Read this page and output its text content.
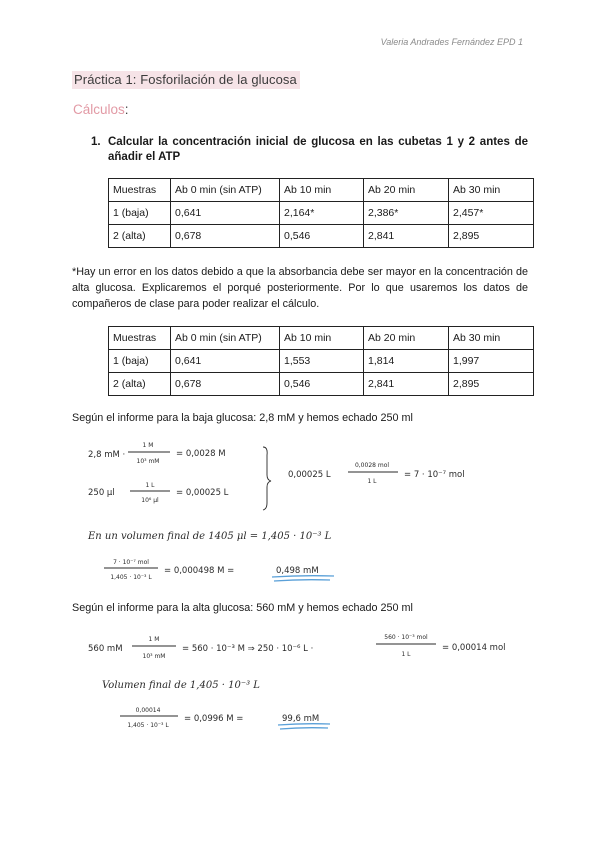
Valeria Andrades Fernández EPD 1
Práctica 1: Fosforilación de la glucosa
Cálculos:
1. Calcular la concentración inicial de glucosa en las cubetas 1 y 2 antes de añadir el ATP
Muestras	Ab 0 min (sin ATP)	Ab 10 min	Ab 20 min	Ab 30 min
1 (baja)	0,641	2,164*	2,386*	2,457*
2 (alta)	0,678	0,546	2,841	2,895
*Hay un error en los datos debido a que la absorbancia debe ser mayor en la concentración de alta glucosa. Explicaremos el porqué posteriormente. Por lo que usaremos los datos de compañeros de clase para poder realizar el cálculo.
Muestras	Ab 0 min (sin ATP)	Ab 10 min	Ab 20 min	Ab 30 min
1 (baja)	0,641	1,553	1,814	1,997
2 (alta)	0,678	0,546	2,841	2,895
Según el informe para la baja glucosa: 2,8 mM y hemos echado 250 ml
2,8 mM ·
1 M
10³ mM
= 0,0028 M
250 μl
1 L
10⁶ μl
= 0,00025 L
0,00025 L
0,0028 mol
1 L
= 7 · 10⁻⁷ mol
En un volumen final de 1405 μl = 1,405 · 10⁻³ L
7 · 10⁻⁷ mol
1,405 · 10⁻³ L
= 0,000498 M =	0,498 mM
Según el informe para la alta glucosa: 560 mM y hemos echado 250 ml
560 mM
1 M
10³ mM
= 560 · 10⁻³ M ⇒ 250 · 10⁻⁶ L ·
560 · 10⁻³ mol
1 L
= 0,00014 mol
Volumen final de 1,405 · 10⁻³ L
0,00014
1,405 · 10⁻³ L
= 0,0996 M =	99,6 mM
